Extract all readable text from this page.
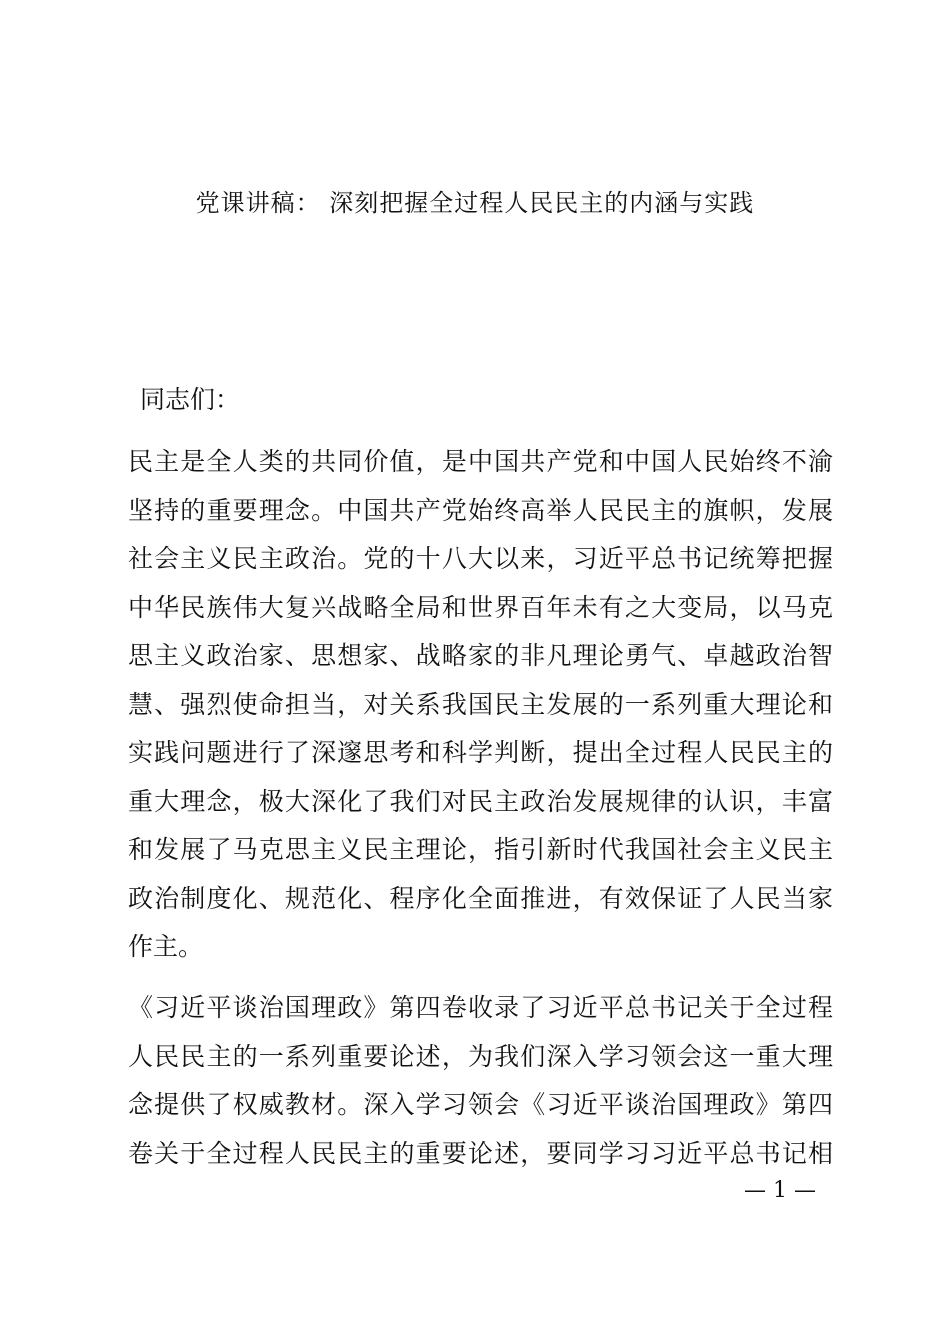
党课讲稿： 深刻把握全过程人民民主的内涵与实践
同志们：
民主是全人类的共同价值，是中国共产党和中国人民始终不渝
坚持的重要理念。中国共产党始终高举人民民主的旗帜，发展
社会主义民主政治。党的十八大以来，习近平总书记统筹把握
中华民族伟大复兴战略全局和世界百年未有之大变局，以马克
思主义政治家、思想家、战略家的非凡理论勇气、卓越政治智
慧、强烈使命担当，对关系我国民主发展的一系列重大理论和
实践问题进行了深邃思考和科学判断，提出全过程人民民主的
重大理念，极大深化了我们对民主政治发展规律的认识，丰富
和发展了马克思主义民主理论，指引新时代我国社会主义民主
政治制度化、规范化、程序化全面推进，有效保证了人民当家
作主。
《习近平谈治国理政》第四卷收录了习近平总书记关于全过程
人民民主的一系列重要论述，为我们深入学习领会这一重大理
念提供了权威教材。深入学习领会《习近平谈治国理政》第四
卷关于全过程人民民主的重要论述，要同学习习近平总书记相
— 1 —
